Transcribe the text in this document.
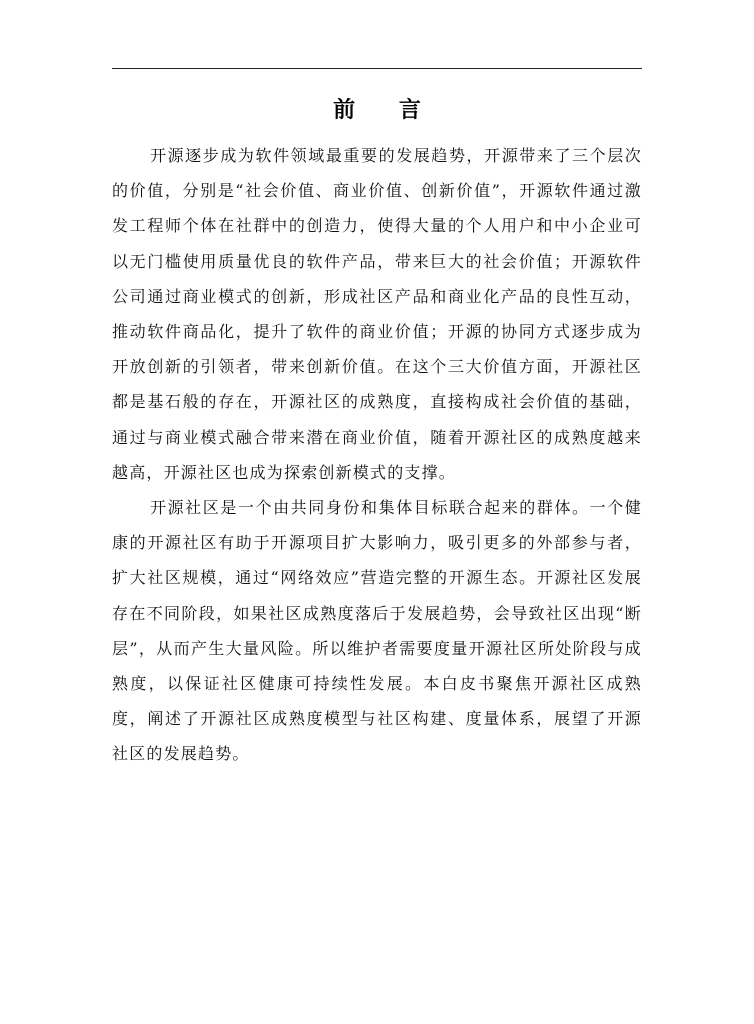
前 言

开源逐步成为软件领域最重要的发展趋势，开源带来了三个层次的价值，分别是“社会价值、商业价值、创新价值”，开源软件通过激发工程师个体在社群中的创造力，使得大量的个人用户和中小企业可以无门槛使用质量优良的软件产品，带来巨大的社会价值；开源软件公司通过商业模式的创新，形成社区产品和商业化产品的良性互动，推动软件商品化，提升了软件的商业价值；开源的协同方式逐步成为开放创新的引领者，带来创新价值。在这个三大价值方面，开源社区都是基石般的存在，开源社区的成熟度，直接构成社会价值的基础，通过与商业模式融合带来潜在商业价值，随着开源社区的成熟度越来越高，开源社区也成为探索创新模式的支撑。

开源社区是一个由共同身份和集体目标联合起来的群体。一个健康的开源社区有助于开源项目扩大影响力，吸引更多的外部参与者，扩大社区规模，通过“网络效应”营造完整的开源生态。开源社区发展存在不同阶段，如果社区成熟度落后于发展趋势，会导致社区出现“断层”，从而产生大量风险。所以维护者需要度量开源社区所处阶段与成熟度，以保证社区健康可持续性发展。本白皮书聚焦开源社区成熟度，阐述了开源社区成熟度模型与社区构建、度量体系，展望了开源社区的发展趋势。
